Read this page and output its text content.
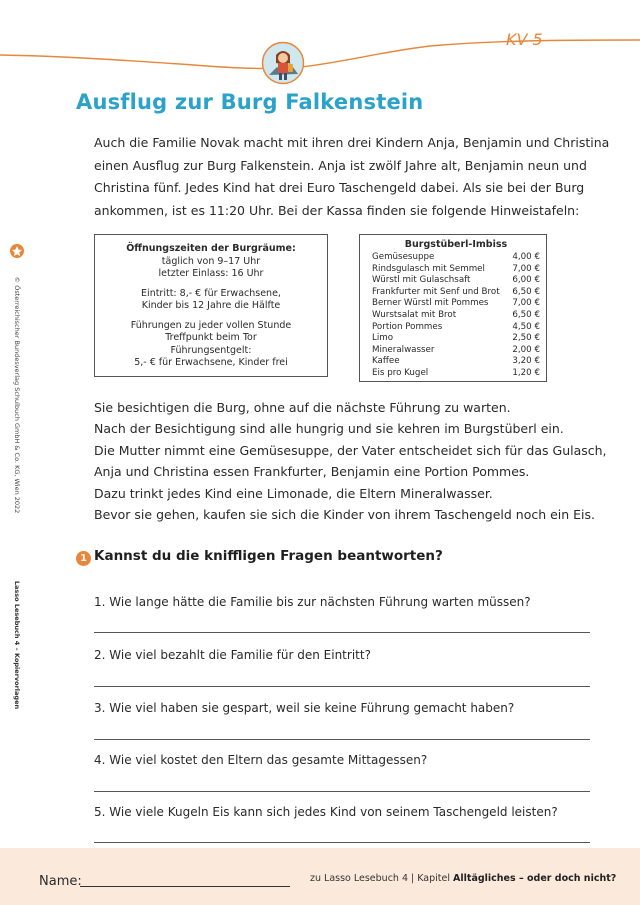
KV 5
Ausflug zur Burg Falkenstein
© Österreichischer Bundesverlag Schulbuch GmbH & Co. KG, Wien 2022
Lasso Lesebuch 4 – Kopiervorlagen
Auch die Familie Novak macht mit ihren drei Kindern Anja, Benjamin und Christina
einen Ausflug zur Burg Falkenstein. Anja ist zwölf Jahre alt, Benjamin neun und
Christina fünf. Jedes Kind hat drei Euro Taschengeld dabei. Als sie bei der Burg
ankommen, ist es 11:20 Uhr. Bei der Kassa finden sie folgende Hinweistafeln:
Öffnungszeiten der Burgräume:
täglich von 9–17 Uhr
letzter Einlass: 16 Uhr
Eintritt: 8,- € für Erwachsene,
Kinder bis 12 Jahre die Hälfte
Führungen zu jeder vollen Stunde
Treffpunkt beim Tor
Führungsentgelt:
5,- € für Erwachsene, Kinder frei
Burgstüberl-Imbiss
Gemüsesuppe	4,00 €
Rindsgulasch mit Semmel	7,00 €
Würstl mit Gulaschsaft	6,00 €
Frankfurter mit Senf und Brot	6,50 €
Berner Würstl mit Pommes	7,00 €
Wurstsalat mit Brot	6,50 €
Portion Pommes	4,50 €
Limo	2,50 €
Mineralwasser	2,00 €
Kaffee	3,20 €
Eis pro Kugel	1,20 €
Sie besichtigen die Burg, ohne auf die nächste Führung zu warten.
Nach der Besichtigung sind alle hungrig und sie kehren im Burgstüberl ein.
Die Mutter nimmt eine Gemüsesuppe, der Vater entscheidet sich für das Gulasch,
Anja und Christina essen Frankfurter, Benjamin eine Portion Pommes.
Dazu trinkt jedes Kind eine Limonade, die Eltern Mineralwasser.
Bevor sie gehen, kaufen sie sich die Kinder von ihrem Taschengeld noch ein Eis.
1 Kannst du die kniffligen Fragen beantworten?
1. Wie lange hätte die Familie bis zur nächsten Führung warten müssen?
2. Wie viel bezahlt die Familie für den Eintritt?
3. Wie viel haben sie gespart, weil sie keine Führung gemacht haben?
4. Wie viel kostet den Eltern das gesamte Mittagessen?
5. Wie viele Kugeln Eis kann sich jedes Kind von seinem Taschengeld leisten?
Name:	zu Lasso Lesebuch 4 | Kapitel Alltägliches – oder doch nicht?
